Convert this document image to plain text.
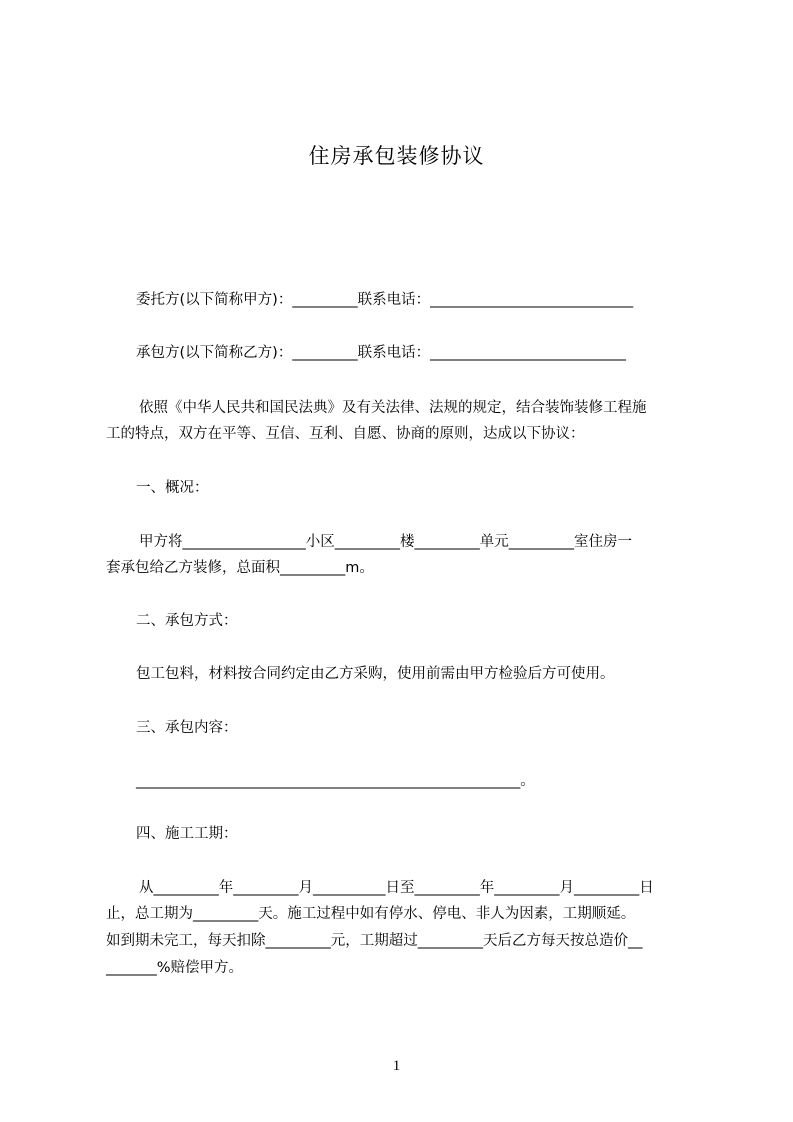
住房承包装修协议
委托方(以下简称甲方)：_________联系电话：____________________________
承包方(以下简称乙方)：_________联系电话：___________________________
依照《中华人民共和国民法典》及有关法律、法规的规定，结合装饰装修工程施
工的特点，双方在平等、互信、互利、自愿、协商的原则，达成以下协议：
一、概况：
甲方将_________________小区_________楼_________单元_________室住房一
套承包给乙方装修，总面积_________m。
二、承包方式：
包工包料，材料按合同约定由乙方采购，使用前需由甲方检验后方可使用。
三、承包内容：
_____________________________________________________。
四、施工工期：
从_________年_________月__________日至_________年_________月_________日
止，总工期为_________天。施工过程中如有停水、停电、非人为因素，工期顺延。
如到期未完工，每天扣除_________元，工期超过_________天后乙方每天按总造价__
_______%赔偿甲方。
1
